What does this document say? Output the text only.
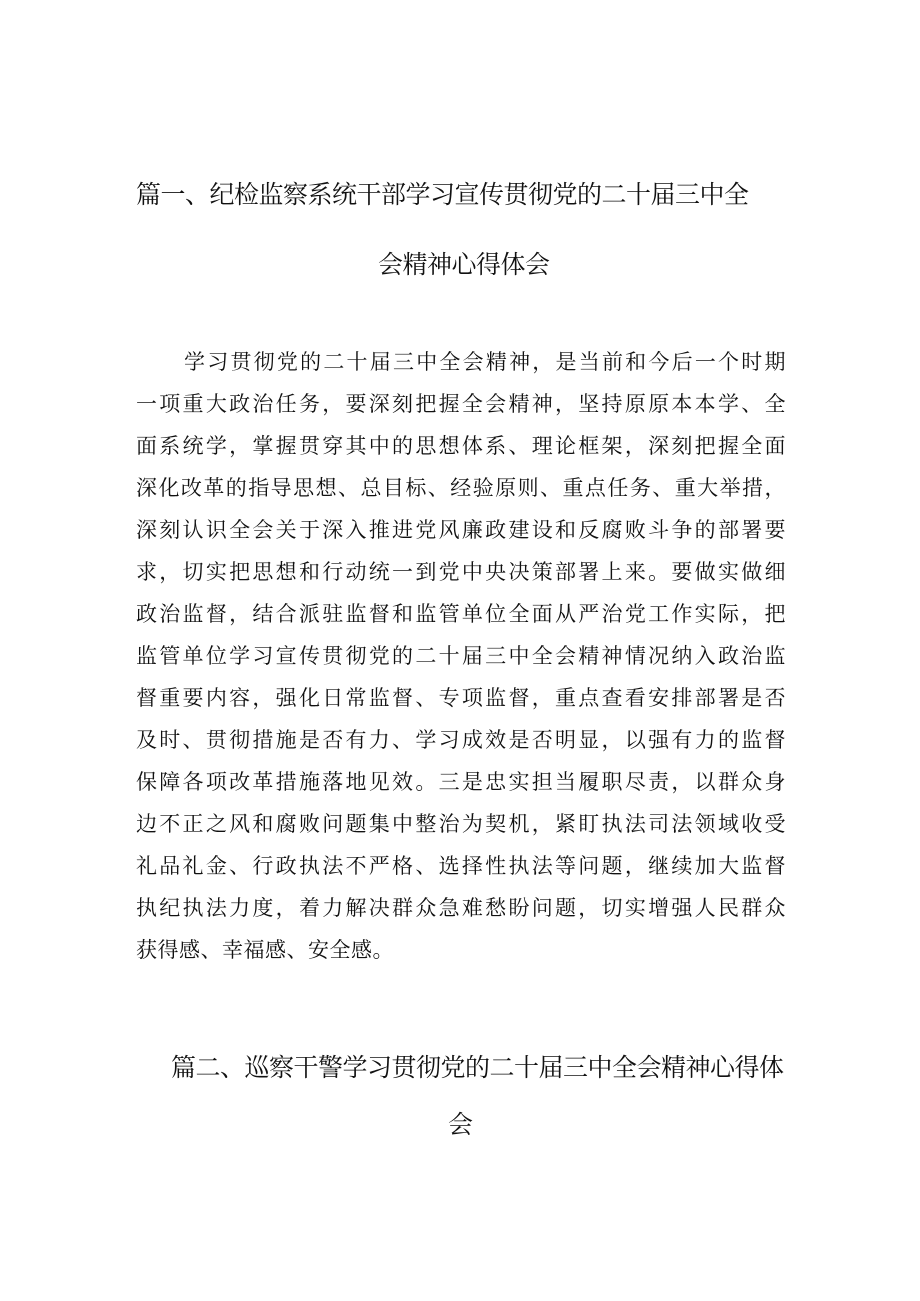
篇一、纪检监察系统干部学习宣传贯彻党的二十届三中全
会精神心得体会
学习贯彻党的二十届三中全会精神，是当前和今后一个时期
一项重大政治任务，要深刻把握全会精神，坚持原原本本学、全
面系统学，掌握贯穿其中的思想体系、理论框架，深刻把握全面
深化改革的指导思想、总目标、经验原则、重点任务、重大举措，
深刻认识全会关于深入推进党风廉政建设和反腐败斗争的部署要
求，切实把思想和行动统一到党中央决策部署上来。要做实做细
政治监督，结合派驻监督和监管单位全面从严治党工作实际，把
监管单位学习宣传贯彻党的二十届三中全会精神情况纳入政治监
督重要内容，强化日常监督、专项监督，重点查看安排部署是否
及时、贯彻措施是否有力、学习成效是否明显，以强有力的监督
保障各项改革措施落地见效。三是忠实担当履职尽责，以群众身
边不正之风和腐败问题集中整治为契机，紧盯执法司法领域收受
礼品礼金、行政执法不严格、选择性执法等问题，继续加大监督
执纪执法力度，着力解决群众急难愁盼问题，切实增强人民群众
获得感、幸福感、安全感。
篇二、巡察干警学习贯彻党的二十届三中全会精神心得体
会
